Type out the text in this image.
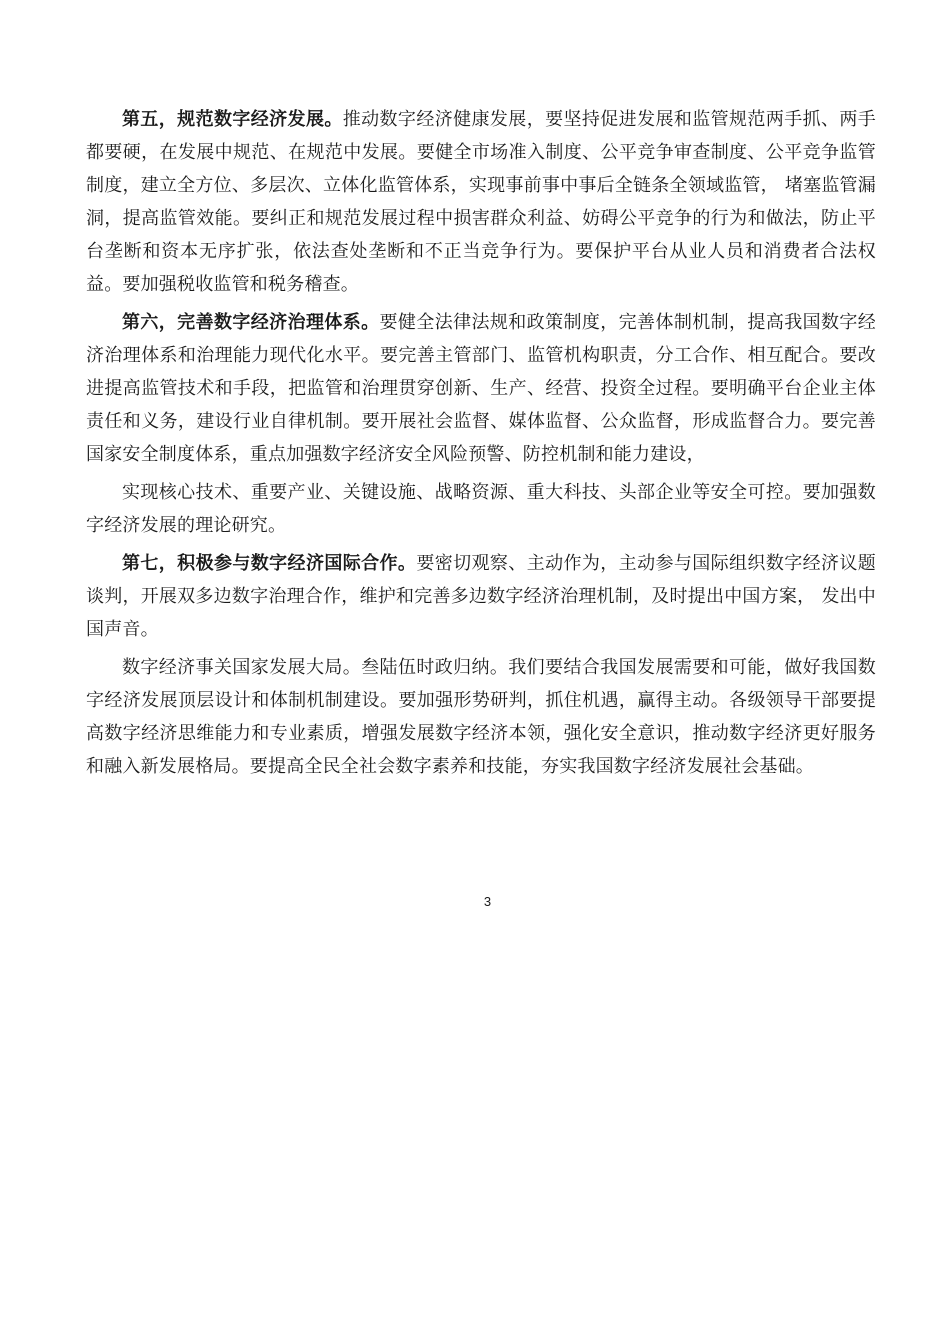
第五，规范数字经济发展。推动数字经济健康发展，要坚持促进发展和监管规范两手抓、两手都要硬，在发展中规范、在规范中发展。要健全市场准入制度、公平竞争审查制度、公平竞争监管制度，建立全方位、多层次、立体化监管体系，实现事前事中事后全链条全领域监管， 堵塞监管漏洞，提高监管效能。要纠正和规范发展过程中损害群众利益、妨碍公平竞争的行为和做法，防止平台垄断和资本无序扩张，依法查处垄断和不正当竞争行为。要保护平台从业人员和消费者合法权益。要加强税收监管和税务稽查。

第六，完善数字经济治理体系。要健全法律法规和政策制度，完善体制机制，提高我国数字经济治理体系和治理能力现代化水平。要完善主管部门、监管机构职责，分工合作、相互配合。要改进提高监管技术和手段，把监管和治理贯穿创新、生产、经营、投资全过程。要明确平台企业主体责任和义务，建设行业自律机制。要开展社会监督、媒体监督、公众监督，形成监督合力。要完善国家安全制度体系，重点加强数字经济安全风险预警、防控机制和能力建设，

实现核心技术、重要产业、关键设施、战略资源、重大科技、头部企业等安全可控。要加强数字经济发展的理论研究。

第七，积极参与数字经济国际合作。要密切观察、主动作为，主动参与国际组织数字经济议题谈判，开展双多边数字治理合作，维护和完善多边数字经济治理机制，及时提出中国方案， 发出中国声音。

数字经济事关国家发展大局。叁陆伍时政归纳。我们要结合我国发展需要和可能，做好我国数字经济发展顶层设计和体制机制建设。要加强形势研判，抓住机遇，赢得主动。各级领导干部要提高数字经济思维能力和专业素质，增强发展数字经济本领，强化安全意识，推动数字经济更好服务和融入新发展格局。要提高全民全社会数字素养和技能，夯实我国数字经济发展社会基础。

3
